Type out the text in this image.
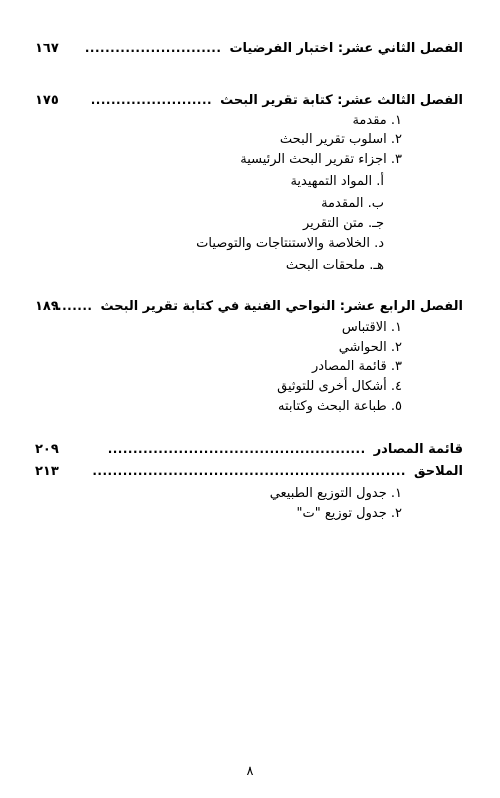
الفصل الثاني عشر: اختبار الفرضيات
...........................
١٦٧
الفصل الثالث عشر: كتابة تقرير البحث
........................
١٧٥
١. مقدمة
٢. اسلوب تقرير البحث
٣. اجزاء تقرير البحث الرئيسية
أ. المواد التمهيدية
ب. المقدمة
جـ. متن التقرير
د. الخلاصة والاستنتاجات والتوصيات
هـ. ملحقات البحث
الفصل الرابع عشر: النواحي الفنية في كتابة تقرير البحث
........
١٨٩
١. الاقتباس
٢. الحواشي
٣. قائمة المصادر
٤. أشكال أخرى للتوثيق
٥. طباعة البحث وكتابته
قائمة المصادر
...................................................
٢٠٩
الملاحق
..............................................................
٢١٣
١. جدول التوزيع الطبيعي
٢. جدول توزيع "ت"
٨
